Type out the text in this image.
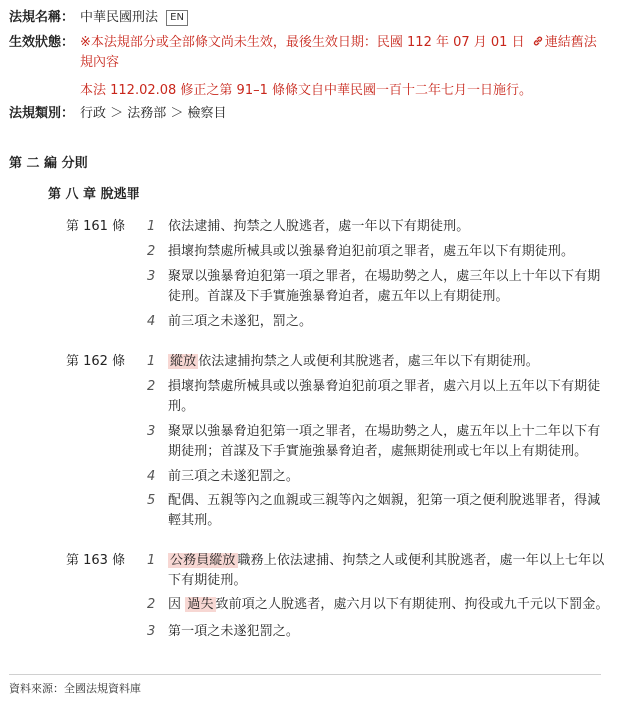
法規名稱： 中華民國刑法 EN
生效狀態： ※本法規部分或全部條文尚未生效，最後生效日期：民國 112 年 07 月 01 日 連結舊法規內容
本法 112.02.08 修正之第 91–1 條條文自中華民國一百十二年七月一日施行。
法規類別： 行政 ＞ 法務部 ＞ 檢察目
第 二 編 分則
第 八 章 脫逃罪
第 161 條 1 依法逮捕、拘禁之人脫逃者，處一年以下有期徒刑。
2 損壞拘禁處所械具或以強暴脅迫犯前項之罪者，處五年以下有期徒刑。
3 聚眾以強暴脅迫犯第一項之罪者，在場助勢之人，處三年以上十年以下有期徒刑。首謀及下手實施強暴脅迫者，處五年以上有期徒刑。
4 前三項之未遂犯，罰之。
第 162 條 1 縱放 依法逮捕拘禁之人或便利其脫逃者，處三年以下有期徒刑。
2 損壞拘禁處所械具或以強暴脅迫犯前項之罪者，處六月以上五年以下有期徒刑。
3 聚眾以強暴脅迫犯第一項之罪者，在場助勢之人，處五年以上十二年以下有期徒刑；首謀及下手實施強暴脅迫者，處無期徒刑或七年以上有期徒刑。
4 前三項之未遂犯罰之。
5 配偶、五親等內之血親或三親等內之姻親，犯第一項之便利脫逃罪者，得減輕其刑。
第 163 條 1 公務員縱放 職務上依法逮捕、拘禁之人或便利其脫逃者，處一年以上七年以下有期徒刑。
2 因 過失 致前項之人脫逃者，處六月以下有期徒刑、拘役或九千元以下罰金。
3 第一項之未遂犯罰之。
資料來源：全國法規資料庫
